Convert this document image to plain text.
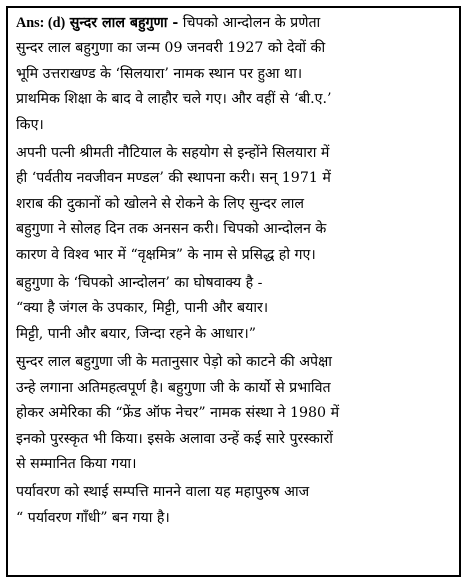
Ans: (d) सुन्दर लाल बहुगुणा - चिपको आन्दोलन के प्रणेता
सुन्दर लाल बहुगुणा का जन्म 09 जनवरी 1927 को देवों की
भूमि उत्तराखण्ड के ‘सिलयारा’ नामक स्थान पर हुआ था।
प्राथमिक शिक्षा के बाद वे लाहौर चले गए। और वहीं से ‘बी.ए.’
किए।
अपनी पत्नी श्रीमती नौटियाल के सहयोग से इन्होंने सिलयारा में
ही ‘पर्वतीय नवजीवन मण्डल’ की स्थापना करी। सन् 1971 में
शराब की दुकानों को खोलने से रोकने के लिए सुन्दर लाल
बहुगुणा ने सोलह दिन तक अनसन करी। चिपको आन्दोलन के
कारण वे विश्व भार में “वृक्षमित्र” के नाम से प्रसिद्ध हो गए।
बहुगुणा के ‘चिपको आन्दोलन’ का घोषवाक्य है -
“क्या है जंगल के उपकार, मिट्टी, पानी और बयार।
मिट्टी, पानी और बयार, जिन्दा रहने के आधार।”
सुन्दर लाल बहुगुणा जी के मतानुसार पेड़ो को काटने की अपेक्षा
उन्हे लगाना अतिमहत्वपूर्ण है। बहुगुणा जी के कार्यो से प्रभावित
होकर अमेरिका की “फ्रेंड ऑफ नेचर” नामक संस्था ने 1980 में
इनको पुरस्कृत भी किया। इसके अलावा उन्हें कई सारे पुरस्कारों
से सम्मानित किया गया।
पर्यावरण को स्थाई सम्पत्ति मानने वाला यह महापुरुष आज
“ पर्यावरण गाँधी” बन गया है।
